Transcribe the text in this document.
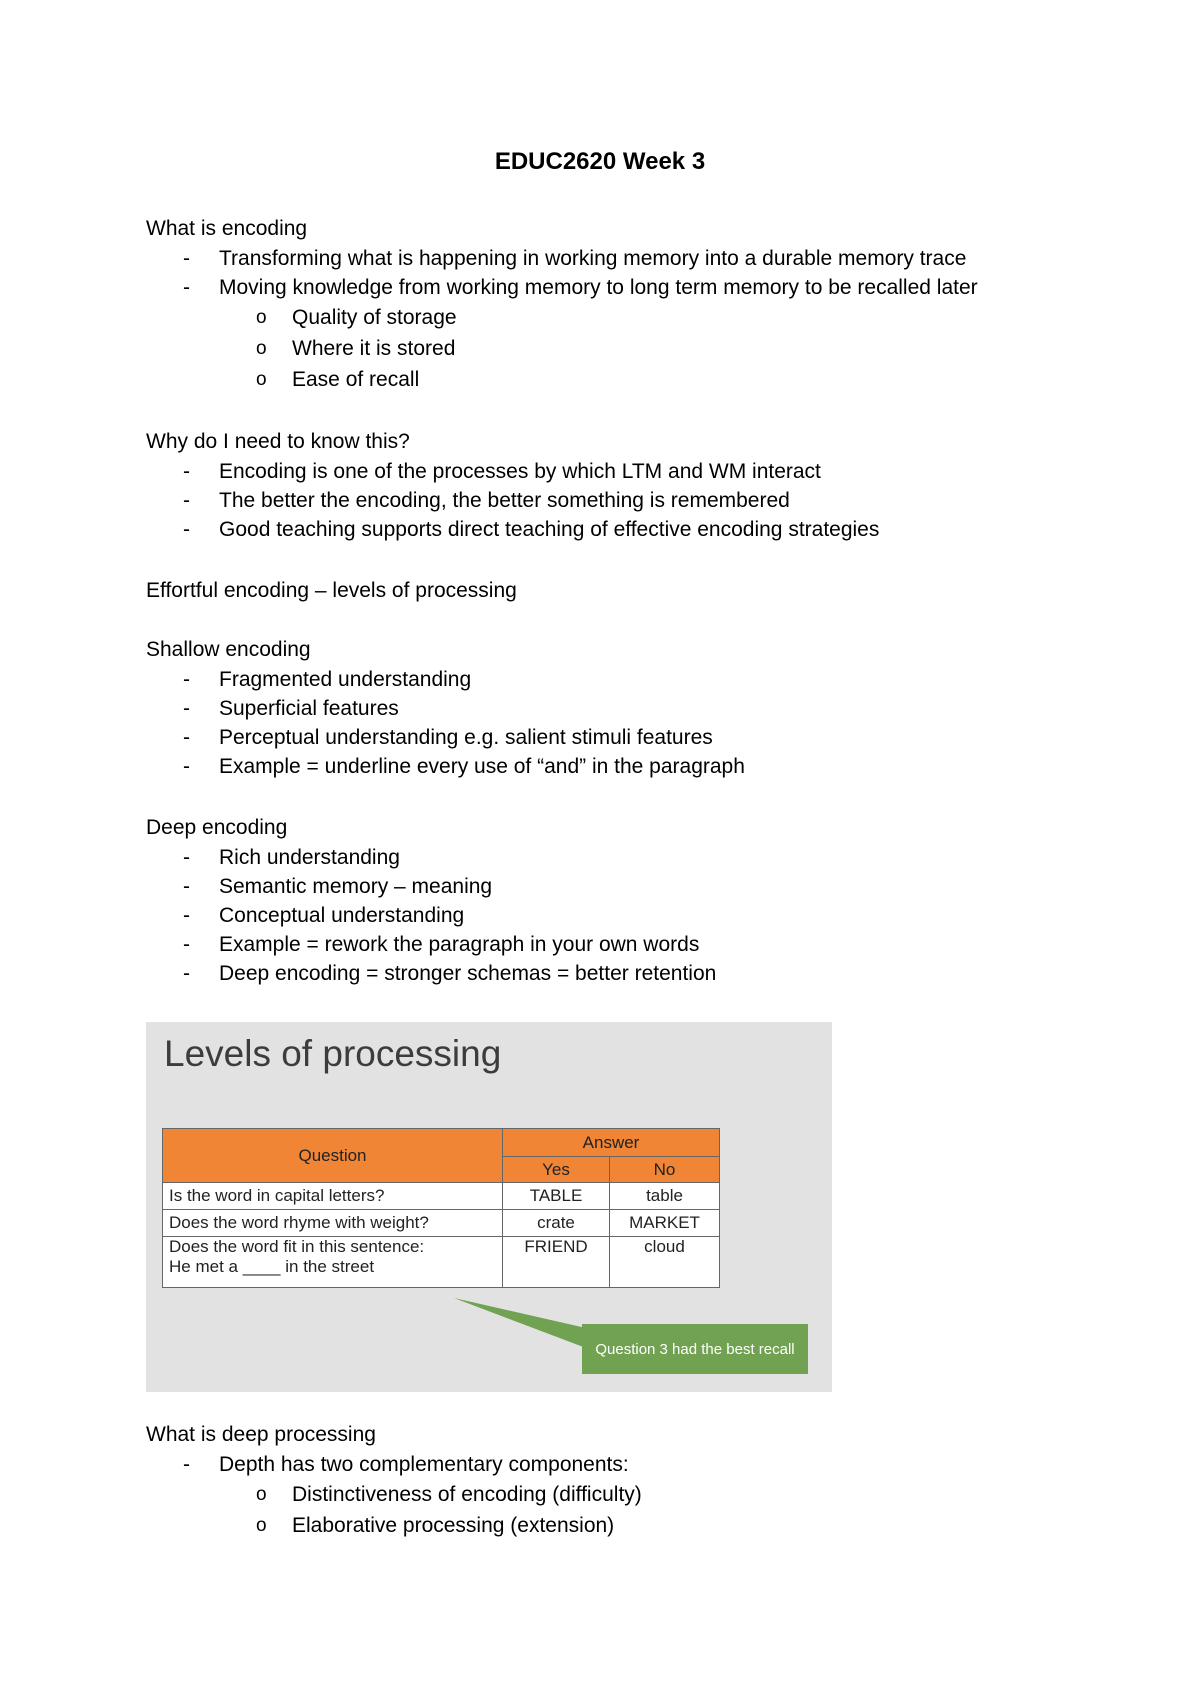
EDUC2620 Week 3
What is encoding
- Transforming what is happening in working memory into a durable memory trace
- Moving knowledge from working memory to long term memory to be recalled later
o Quality of storage
o Where it is stored
o Ease of recall
Why do I need to know this?
- Encoding is one of the processes by which LTM and WM interact
- The better the encoding, the better something is remembered
- Good teaching supports direct teaching of effective encoding strategies
Effortful encoding – levels of processing
Shallow encoding
- Fragmented understanding
- Superficial features
- Perceptual understanding e.g. salient stimuli features
- Example = underline every use of “and” in the paragraph
Deep encoding
- Rich understanding
- Semantic memory – meaning
- Conceptual understanding
- Example = rework the paragraph in your own words
- Deep encoding = stronger schemas = better retention
Levels of processing
Question	Answer	
	Yes	No
Is the word in capital letters?	TABLE	table
Does the word rhyme with weight?	crate	MARKET
Does the word fit in this sentence:
He met a ____ in the street	FRIEND	cloud
Question 3 had the best recall
What is deep processing
- Depth has two complementary components:
o Distinctiveness of encoding (difficulty)
o Elaborative processing (extension)
